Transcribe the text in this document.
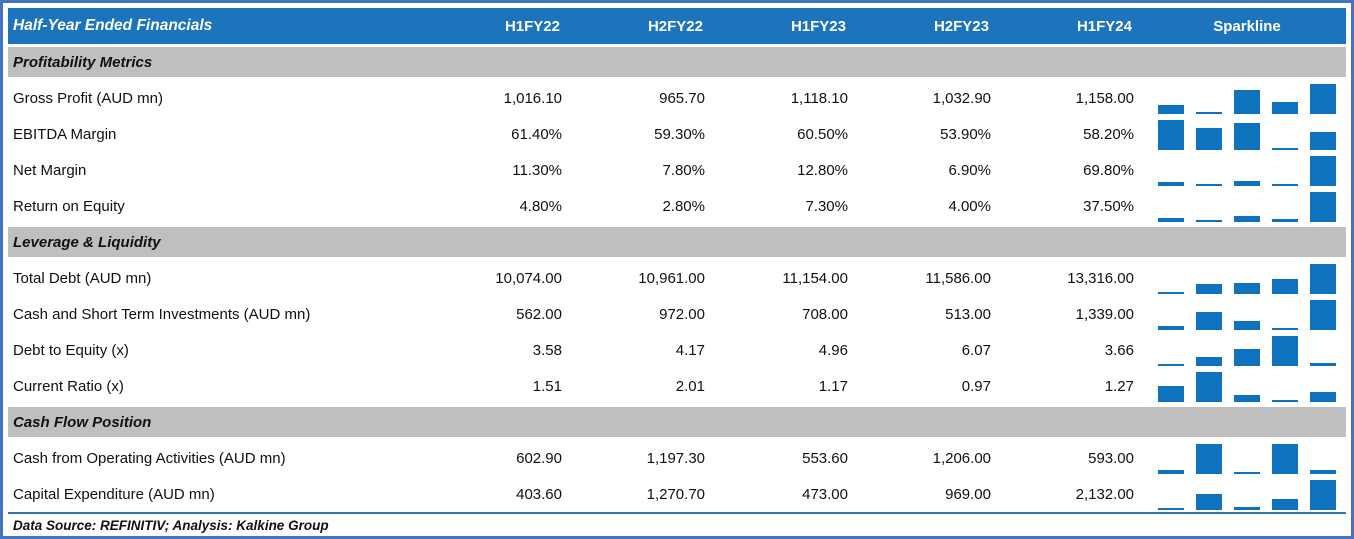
Half-Year Ended Financials	H1FY22	H2FY22	H1FY23	H2FY23	H1FY24	Sparkline
Profitability Metrics
Gross Profit (AUD mn)	1,016.10	965.70	1,118.10	1,032.90	1,158.00
EBITDA Margin	61.40%	59.30%	60.50%	53.90%	58.20%
Net Margin	11.30%	7.80%	12.80%	6.90%	69.80%
Return on Equity	4.80%	2.80%	7.30%	4.00%	37.50%
Leverage & Liquidity
Total Debt (AUD mn)	10,074.00	10,961.00	11,154.00	11,586.00	13,316.00
Cash and Short Term Investments (AUD mn)	562.00	972.00	708.00	513.00	1,339.00
Debt to Equity (x)	3.58	4.17	4.96	6.07	3.66
Current Ratio (x)	1.51	2.01	1.17	0.97	1.27
Cash Flow Position
Cash from Operating Activities (AUD mn)	602.90	1,197.30	553.60	1,206.00	593.00
Capital Expenditure (AUD mn)	403.60	1,270.70	473.00	969.00	2,132.00
Data Source: REFINITIV; Analysis: Kalkine Group
